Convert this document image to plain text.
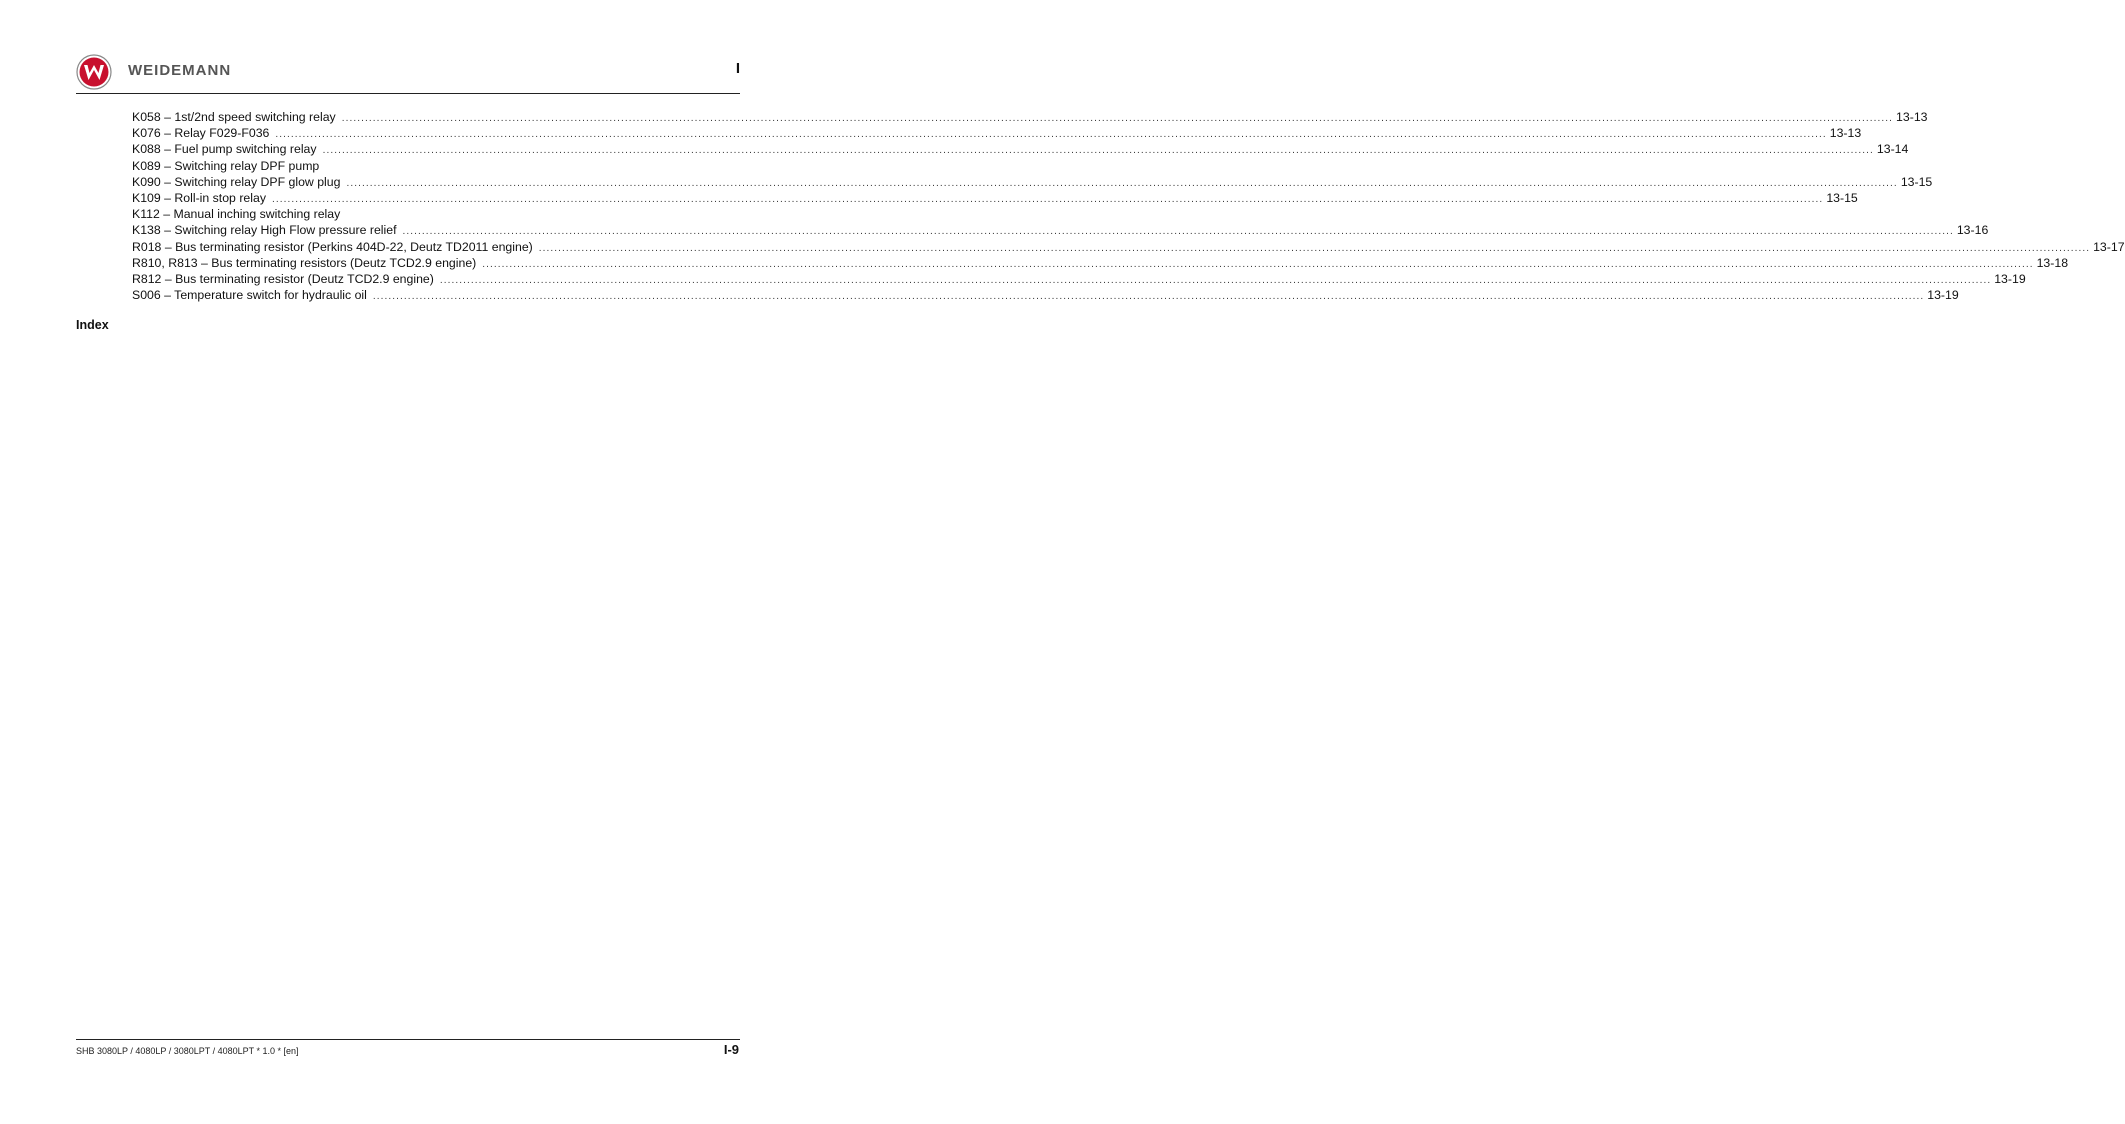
WEIDEMANN	I
K058 – 1st/2nd speed switching relay ................................................................................................................................................................................................................................................................................................................................................................................................................ 13-13
K076 – Relay F029-F036 ................................................................................................................................................................................................................................................................................................................................................................................................................ 13-13
K088 – Fuel pump switching relay ................................................................................................................................................................................................................................................................................................................................................................................................................ 13-14
K089 – Switching relay DPF pump
K090 – Switching relay DPF glow plug ................................................................................................................................................................................................................................................................................................................................................................................................................ 13-15
K109 – Roll-in stop relay ................................................................................................................................................................................................................................................................................................................................................................................................................ 13-15
K112 – Manual inching switching relay
K138 – Switching relay High Flow pressure relief ................................................................................................................................................................................................................................................................................................................................................................................................................ 13-16
R018 – Bus terminating resistor (Perkins 404D-22, Deutz TD2011 engine) ................................................................................................................................................................................................................................................................................................................................................................................................................ 13-17
R810, R813 – Bus terminating resistors (Deutz TCD2.9 engine) ................................................................................................................................................................................................................................................................................................................................................................................................................ 13-18
R812 – Bus terminating resistor (Deutz TCD2.9 engine) ................................................................................................................................................................................................................................................................................................................................................................................................................ 13-19
S006 – Temperature switch for hydraulic oil ................................................................................................................................................................................................................................................................................................................................................................................................................ 13-19
Index
SHB 3080LP / 4080LP / 3080LPT / 4080LPT * 1.0 * [en]	I-9
